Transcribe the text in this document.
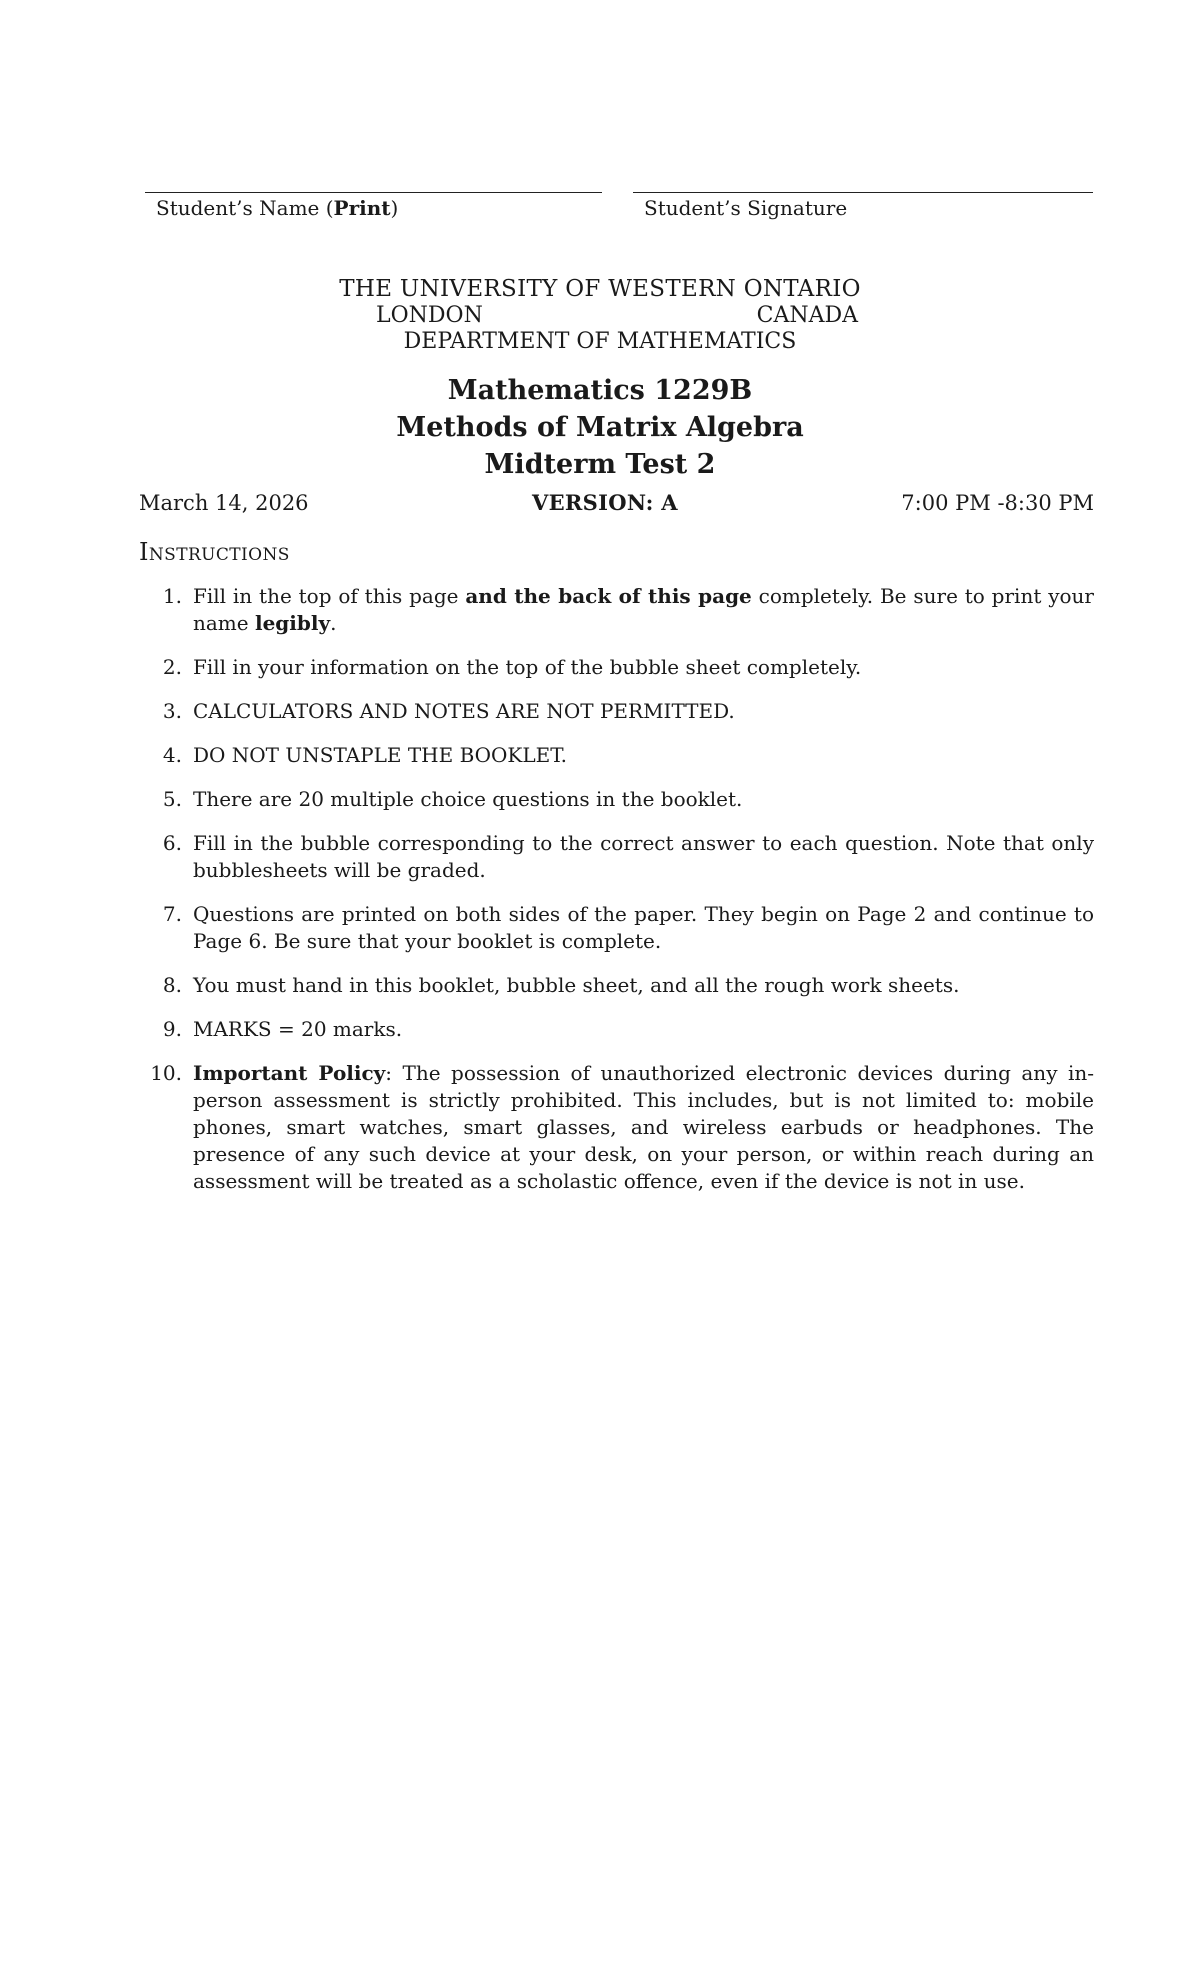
Student’s Name (Print)	Student’s Signature
THE UNIVERSITY OF WESTERN ONTARIO
LONDON	CANADA
DEPARTMENT OF MATHEMATICS
Mathematics 1229B
Methods of Matrix Algebra
Midterm Test 2
March 14, 2026	VERSION: A	7:00 PM -8:30 PM
Instructions
1. Fill in the top of this page and the back of this page completely. Be sure to print your name legibly.
2. Fill in your information on the top of the bubble sheet completely.
3. CALCULATORS AND NOTES ARE NOT PERMITTED.
4. DO NOT UNSTAPLE THE BOOKLET.
5. There are 20 multiple choice questions in the booklet.
6. Fill in the bubble corresponding to the correct answer to each question. Note that only bubblesheets will be graded.
7. Questions are printed on both sides of the paper. They begin on Page 2 and continue to Page 6. Be sure that your booklet is complete.
8. You must hand in this booklet, bubble sheet, and all the rough work sheets.
9. MARKS = 20 marks.
10. Important Policy: The possession of unauthorized electronic devices during any in-person assessment is strictly prohibited. This includes, but is not limited to: mobile phones, smart watches, smart glasses, and wireless earbuds or headphones. The presence of any such device at your desk, on your person, or within reach during an assessment will be treated as a scholastic offence, even if the device is not in use.
